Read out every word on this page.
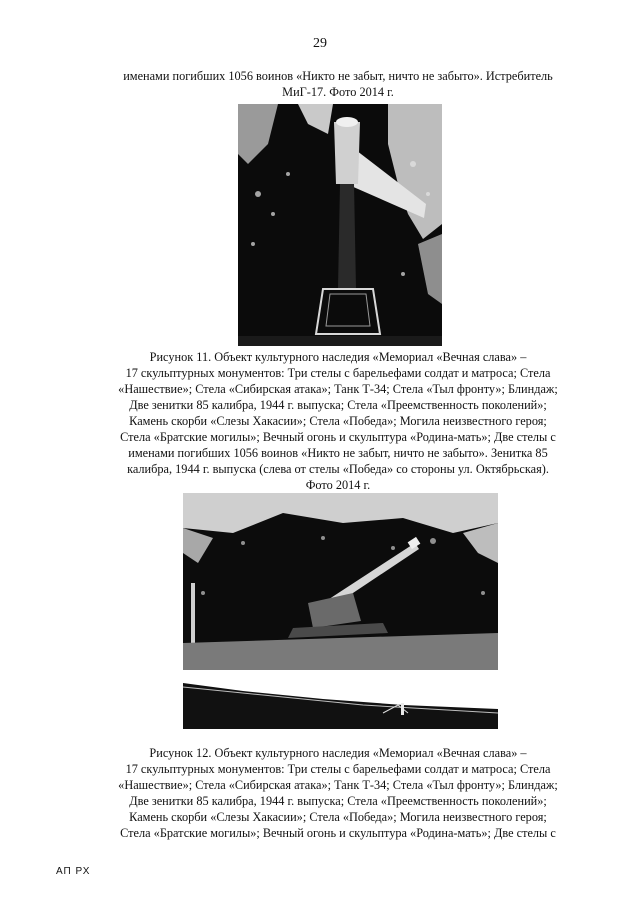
29
именами погибших 1056 воинов «Никто не забыт, ничто не забыто». Истребитель
МиГ-17. Фото 2014 г.
Рисунок 11. Объект культурного наследия «Мемориал «Вечная слава» –
17 скульптурных монументов: Три стелы с барельефами солдат и матроса; Стела
«Нашествие»; Стела «Сибирская атака»; Танк Т-34; Стела «Тыл фронту»; Блиндаж;
Две зенитки 85 калибра, 1944 г. выпуска; Стела «Преемственность поколений»;
Камень скорби «Слезы Хакасии»; Стела «Победа»; Могила неизвестного героя;
Стела «Братские могилы»; Вечный огонь и скульптура «Родина-мать»; Две стелы с
именами погибших 1056 воинов «Никто не забыт, ничто не забыто». Зенитка 85
калибра, 1944 г. выпуска (слева от стелы «Победа» со стороны ул. Октябрьская).
Фото 2014 г.
Рисунок 12. Объект культурного наследия «Мемориал «Вечная слава» –
17 скульптурных монументов: Три стелы с барельефами солдат и матроса; Стела
«Нашествие»; Стела «Сибирская атака»; Танк Т-34; Стела «Тыл фронту»; Блиндаж;
Две зенитки 85 калибра, 1944 г. выпуска; Стела «Преемственность поколений»;
Камень скорби «Слезы Хакасии»; Стела «Победа»; Могила неизвестного героя;
Стела «Братские могилы»; Вечный огонь и скульптура «Родина-мать»; Две стелы с
АП РХ
